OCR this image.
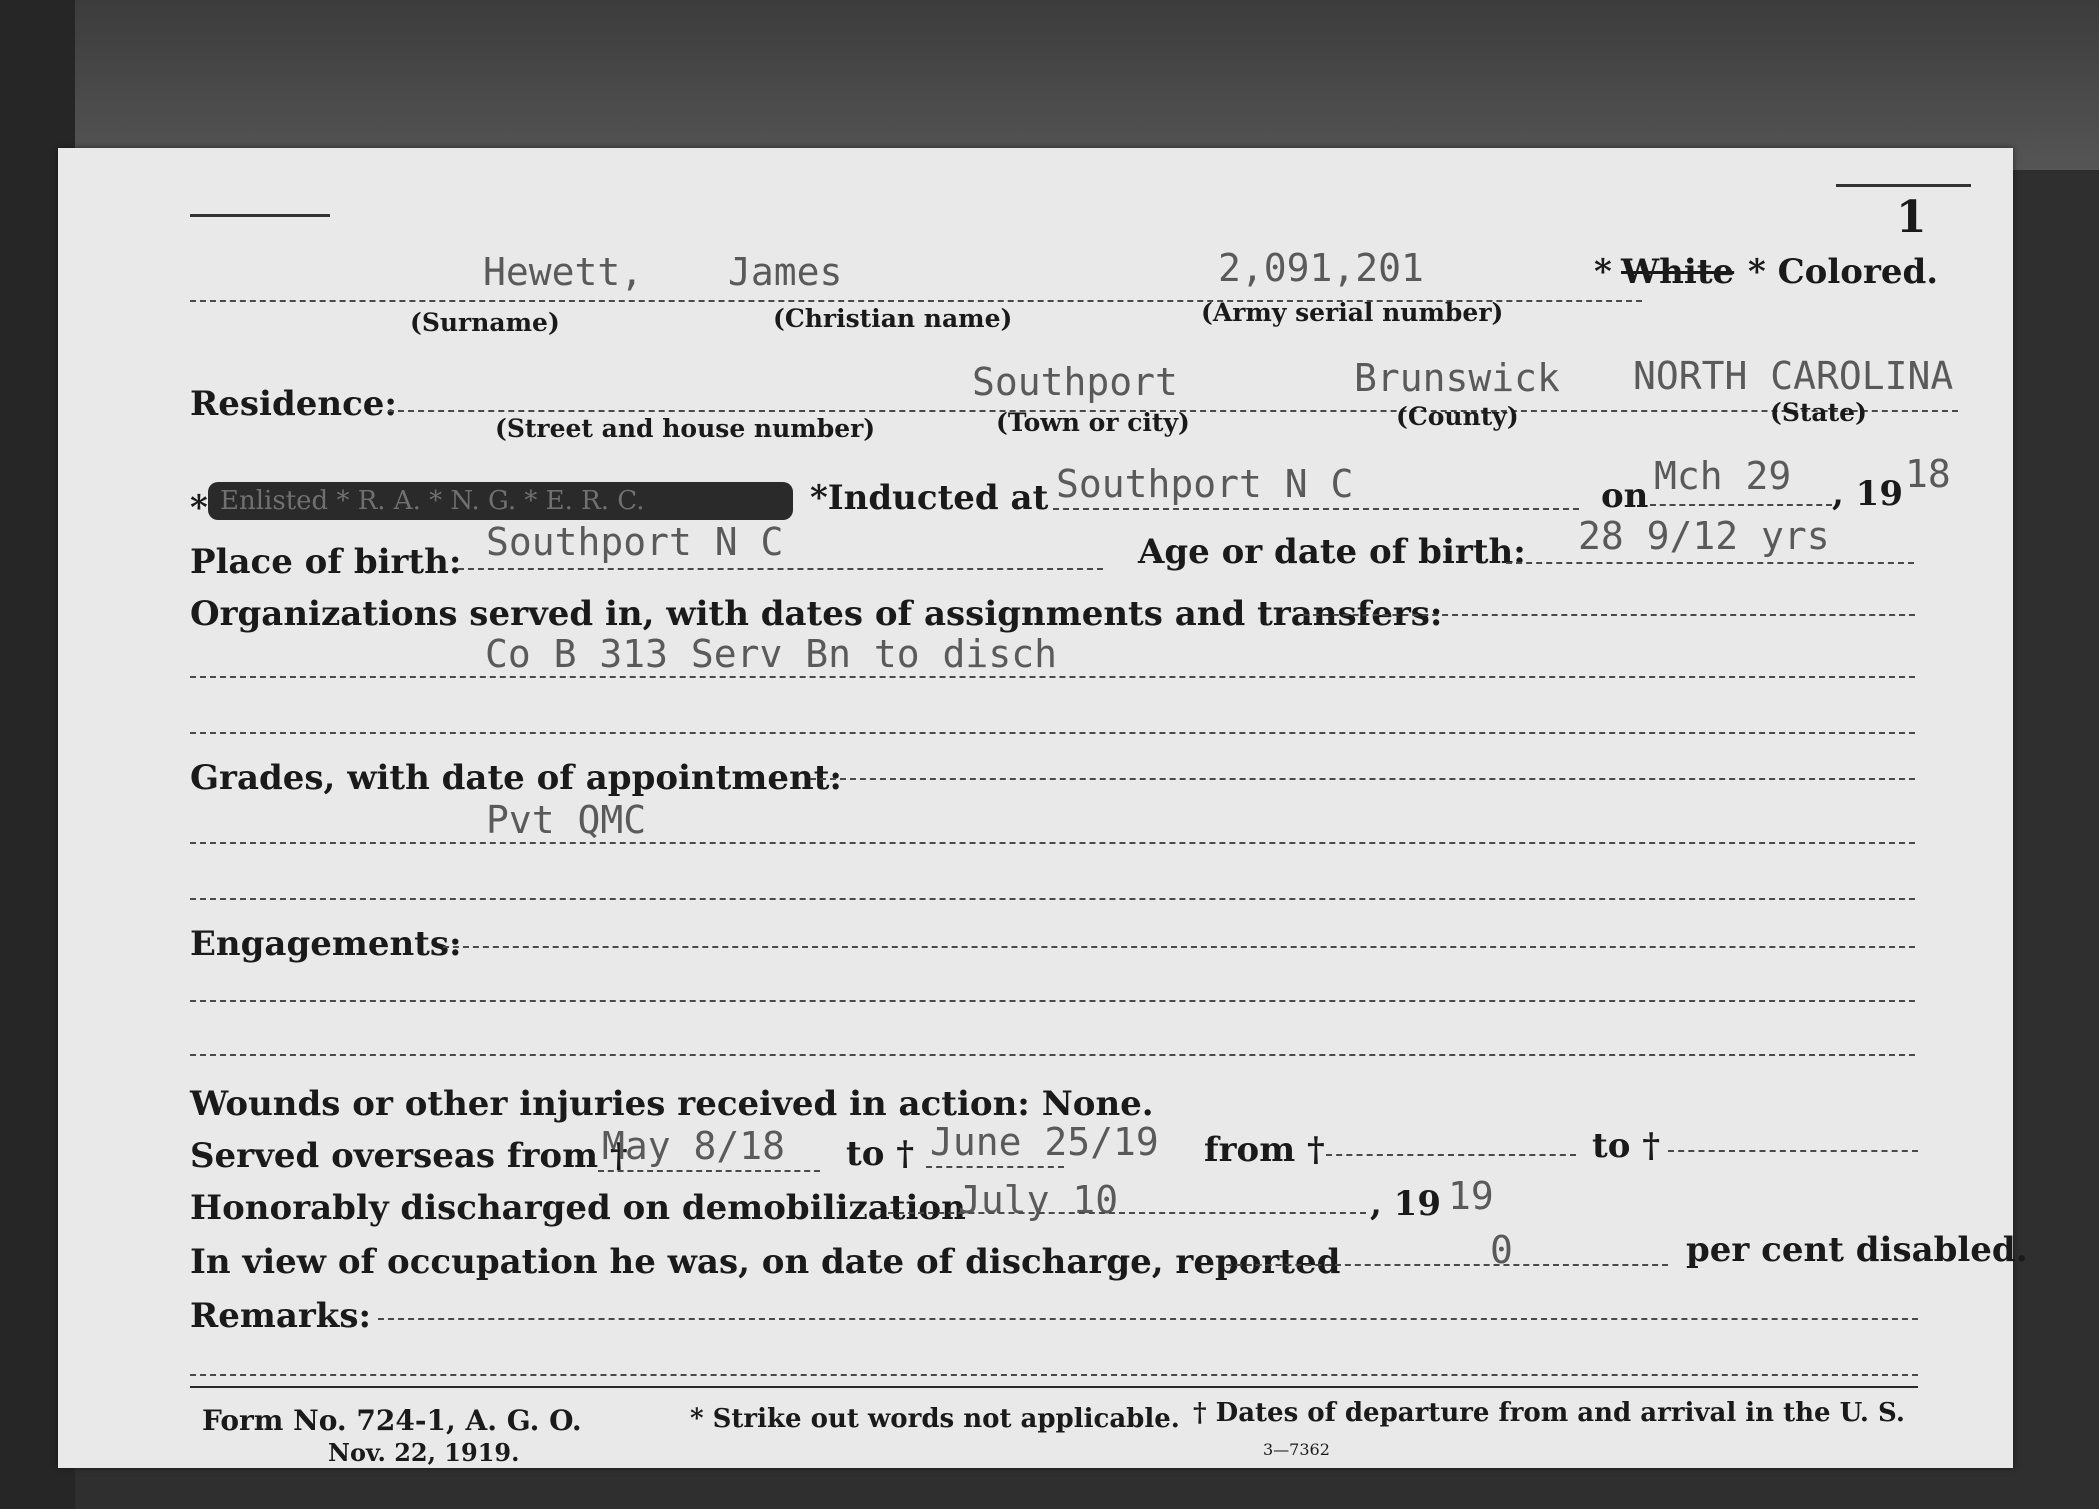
1
Hewett, James	2,091,201	* White * Colored.
(Surname)	(Christian name)	(Army serial number)
Residence:	Southport	Brunswick NORTH CAROLINA
(Street and house number)	(Town or city)	(County)	(State)
* Enlisted * R. A. * N. G. * E. R. C.	*Inducted at Southport N C	on Mch 29 , 19 18
Place of birth: Southport N C	Age or date of birth: 28 9/12 yrs
Organizations served in, with dates of assignments and transfers:
Co B 313 Serv Bn to disch
Grades, with date of appointment:
Pvt QMC
Engagements:
Wounds or other injuries received in action: None.
Served overseas from †
May 8/18 to † June 25/19 from †	to †
Honorably discharged on demobilization
July 10	, 19 19
In view of occupation he was, on date of discharge, reported	0	per cent disabled.
Remarks:
Form No. 724-1, A. G. O.
Nov. 22, 1919.
* Strike out words not applicable. † Dates of departure from and arrival in the U. S.
3—7362
